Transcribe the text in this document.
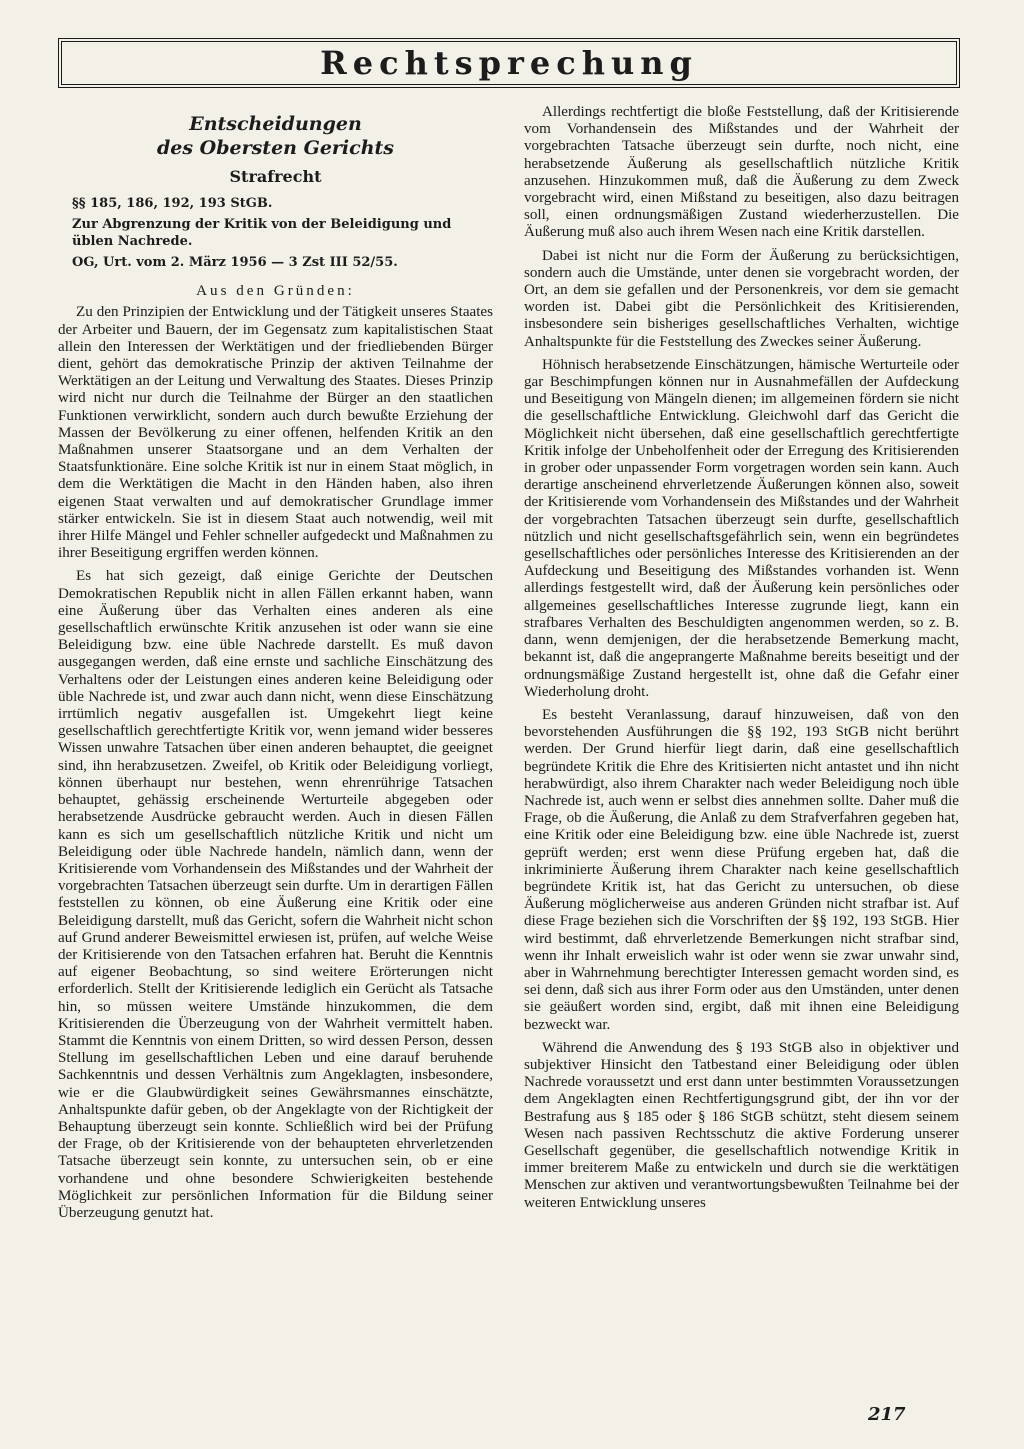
Rechtsprechung
Entscheidungen
des Obersten Gerichts
Strafrecht
§§ 185, 186, 192, 193 StGB.
Zur Abgrenzung der Kritik von der Beleidigung und üblen Nachrede.
OG, Urt. vom 2. März 1956 — 3 Zst III 52/55.
Aus den Gründen:

Zu den Prinzipien der Entwicklung und der Tätigkeit unseres Staates der Arbeiter und Bauern, der im Gegensatz zum kapitalistischen Staat allein den Interessen der Werktätigen und der friedliebenden Bürger dient, gehört das demokratische Prinzip der aktiven Teilnahme der Werktätigen an der Leitung und Verwaltung des Staates. Dieses Prinzip wird nicht nur durch die Teilnahme der Bürger an den staatlichen Funktionen verwirklicht, sondern auch durch bewußte Erziehung der Massen der Bevölkerung zu einer offenen, helfenden Kritik an den Maßnahmen unserer Staatsorgane und an dem Verhalten der Staatsfunktionäre. Eine solche Kritik ist nur in einem Staat möglich, in dem die Werktätigen die Macht in den Händen haben, also ihren eigenen Staat verwalten und auf demokratischer Grundlage immer stärker entwickeln. Sie ist in diesem Staat auch notwendig, weil mit ihrer Hilfe Mängel und Fehler schneller aufgedeckt und Maßnahmen zu ihrer Beseitigung ergriffen werden können.

Es hat sich gezeigt, daß einige Gerichte der Deutschen Demokratischen Republik nicht in allen Fällen erkannt haben, wann eine Äußerung über das Verhalten eines anderen als eine gesellschaftlich erwünschte Kritik anzusehen ist oder wann sie eine Beleidigung bzw. eine üble Nachrede darstellt. Es muß davon ausgegangen werden, daß eine ernste und sachliche Einschätzung des Verhaltens oder der Leistungen eines anderen keine Beleidigung oder üble Nachrede ist, und zwar auch dann nicht, wenn diese Einschätzung irrtümlich negativ ausgefallen ist. Umgekehrt liegt keine gesellschaftlich gerechtfertigte Kritik vor, wenn jemand wider besseres Wissen unwahre Tatsachen über einen anderen behauptet, die geeignet sind, ihn herabzusetzen. Zweifel, ob Kritik oder Beleidigung vorliegt, können überhaupt nur bestehen, wenn ehrenrührige Tatsachen behauptet, gehässig erscheinende Werturteile abgegeben oder herabsetzende Ausdrücke gebraucht werden. Auch in diesen Fällen kann es sich um gesellschaftlich nützliche Kritik und nicht um Beleidigung oder üble Nachrede handeln, nämlich dann, wenn der Kritisierende vom Vorhandensein des Mißstandes und der Wahrheit der vorgebrachten Tatsachen überzeugt sein durfte. Um in derartigen Fällen feststellen zu können, ob eine Äußerung eine Kritik oder eine Beleidigung darstellt, muß das Gericht, sofern die Wahrheit nicht schon auf Grund anderer Beweismittel erwiesen ist, prüfen, auf welche Weise der Kritisierende von den Tatsachen erfahren hat. Beruht die Kenntnis auf eigener Beobachtung, so sind weitere Erörterungen nicht erforderlich. Stellt der Kritisierende lediglich ein Gerücht als Tatsache hin, so müssen weitere Umstände hinzukommen, die dem Kritisierenden die Überzeugung von der Wahrheit vermittelt haben. Stammt die Kenntnis von einem Dritten, so wird dessen Person, dessen Stellung im gesellschaftlichen Leben und eine darauf beruhende Sachkenntnis und dessen Verhältnis zum Angeklagten, insbesondere, wie er die Glaubwürdigkeit seines Gewährsmannes einschätzte, Anhaltspunkte dafür geben, ob der Angeklagte von der Richtigkeit der Behauptung überzeugt sein konnte. Schließlich wird bei der Prüfung der Frage, ob der Kritisierende von der behaupteten ehrverletzenden Tatsache überzeugt sein konnte, zu untersuchen sein, ob er eine vorhandene und ohne besondere Schwierigkeiten bestehende Möglichkeit zur persönlichen Information für die Bildung seiner Überzeugung genutzt hat.

Allerdings rechtfertigt die bloße Feststellung, daß der Kritisierende vom Vorhandensein des Mißstandes und der Wahrheit der vorgebrachten Tatsache überzeugt sein durfte, noch nicht, eine herabsetzende Äußerung als gesellschaftlich nützliche Kritik anzusehen. Hinzukommen muß, daß die Äußerung zu dem Zweck vorgebracht wird, einen Mißstand zu beseitigen, also dazu beitragen soll, einen ordnungsmäßigen Zustand wiederherzustellen. Die Äußerung muß also auch ihrem Wesen nach eine Kritik darstellen.

Dabei ist nicht nur die Form der Äußerung zu berücksichtigen, sondern auch die Umstände, unter denen sie vorgebracht worden, der Ort, an dem sie gefallen und der Personenkreis, vor dem sie gemacht worden ist. Dabei gibt die Persönlichkeit des Kritisierenden, insbesondere sein bisheriges gesellschaftliches Verhalten, wichtige Anhaltspunkte für die Feststellung des Zweckes seiner Äußerung.

Höhnisch herabsetzende Einschätzungen, hämische Werturteile oder gar Beschimpfungen können nur in Ausnahmefällen der Aufdeckung und Beseitigung von Mängeln dienen; im allgemeinen fördern sie nicht die gesellschaftliche Entwicklung. Gleichwohl darf das Gericht die Möglichkeit nicht übersehen, daß eine gesellschaftlich gerechtfertigte Kritik infolge der Unbeholfenheit oder der Erregung des Kritisierenden in grober oder unpassender Form vorgetragen worden sein kann. Auch derartige anscheinend ehrverletzende Äußerungen können also, soweit der Kritisierende vom Vorhandensein des Mißstandes und der Wahrheit der vorgebrachten Tatsachen überzeugt sein durfte, gesellschaftlich nützlich und nicht gesellschaftsgefährlich sein, wenn ein begründetes gesellschaftliches oder persönliches Interesse des Kritisierenden an der Aufdeckung und Beseitigung des Mißstandes vorhanden ist. Wenn allerdings festgestellt wird, daß der Äußerung kein persönliches oder allgemeines gesellschaftliches Interesse zugrunde liegt, kann ein strafbares Verhalten des Beschuldigten angenommen werden, so z. B. dann, wenn demjenigen, der die herabsetzende Bemerkung macht, bekannt ist, daß die angeprangerte Maßnahme bereits beseitigt und der ordnungsmäßige Zustand hergestellt ist, ohne daß die Gefahr einer Wiederholung droht.

Es besteht Veranlassung, darauf hinzuweisen, daß von den bevorstehenden Ausführungen die §§ 192, 193 StGB nicht berührt werden. Der Grund hierfür liegt darin, daß eine gesellschaftlich begründete Kritik die Ehre des Kritisierten nicht antastet und ihn nicht herabwürdigt, also ihrem Charakter nach weder Beleidigung noch üble Nachrede ist, auch wenn er selbst dies annehmen sollte. Daher muß die Frage, ob die Äußerung, die Anlaß zu dem Strafverfahren gegeben hat, eine Kritik oder eine Beleidigung bzw. eine üble Nachrede ist, zuerst geprüft werden; erst wenn diese Prüfung ergeben hat, daß die inkriminierte Äußerung ihrem Charakter nach keine gesellschaftlich begründete Kritik ist, hat das Gericht zu untersuchen, ob diese Äußerung möglicherweise aus anderen Gründen nicht strafbar ist. Auf diese Frage beziehen sich die Vorschriften der §§ 192, 193 StGB. Hier wird bestimmt, daß ehrverletzende Bemerkungen nicht strafbar sind, wenn ihr Inhalt erweislich wahr ist oder wenn sie zwar unwahr sind, aber in Wahrnehmung berechtigter Interessen gemacht worden sind, es sei denn, daß sich aus ihrer Form oder aus den Umständen, unter denen sie geäußert worden sind, ergibt, daß mit ihnen eine Beleidigung bezweckt war.

Während die Anwendung des § 193 StGB also in objektiver und subjektiver Hinsicht den Tatbestand einer Beleidigung oder üblen Nachrede voraussetzt und erst dann unter bestimmten Voraussetzungen dem Angeklagten einen Rechtfertigungsgrund gibt, der ihn vor der Bestrafung aus § 185 oder § 186 StGB schützt, steht diesem seinem Wesen nach passiven Rechtsschutz die aktive Forderung unserer Gesellschaft gegenüber, die gesellschaftlich notwendige Kritik in immer breiterem Maße zu entwickeln und durch sie die werktätigen Menschen zur aktiven und verantwortungsbewußten Teilnahme bei der weiteren Entwicklung unseres

217
